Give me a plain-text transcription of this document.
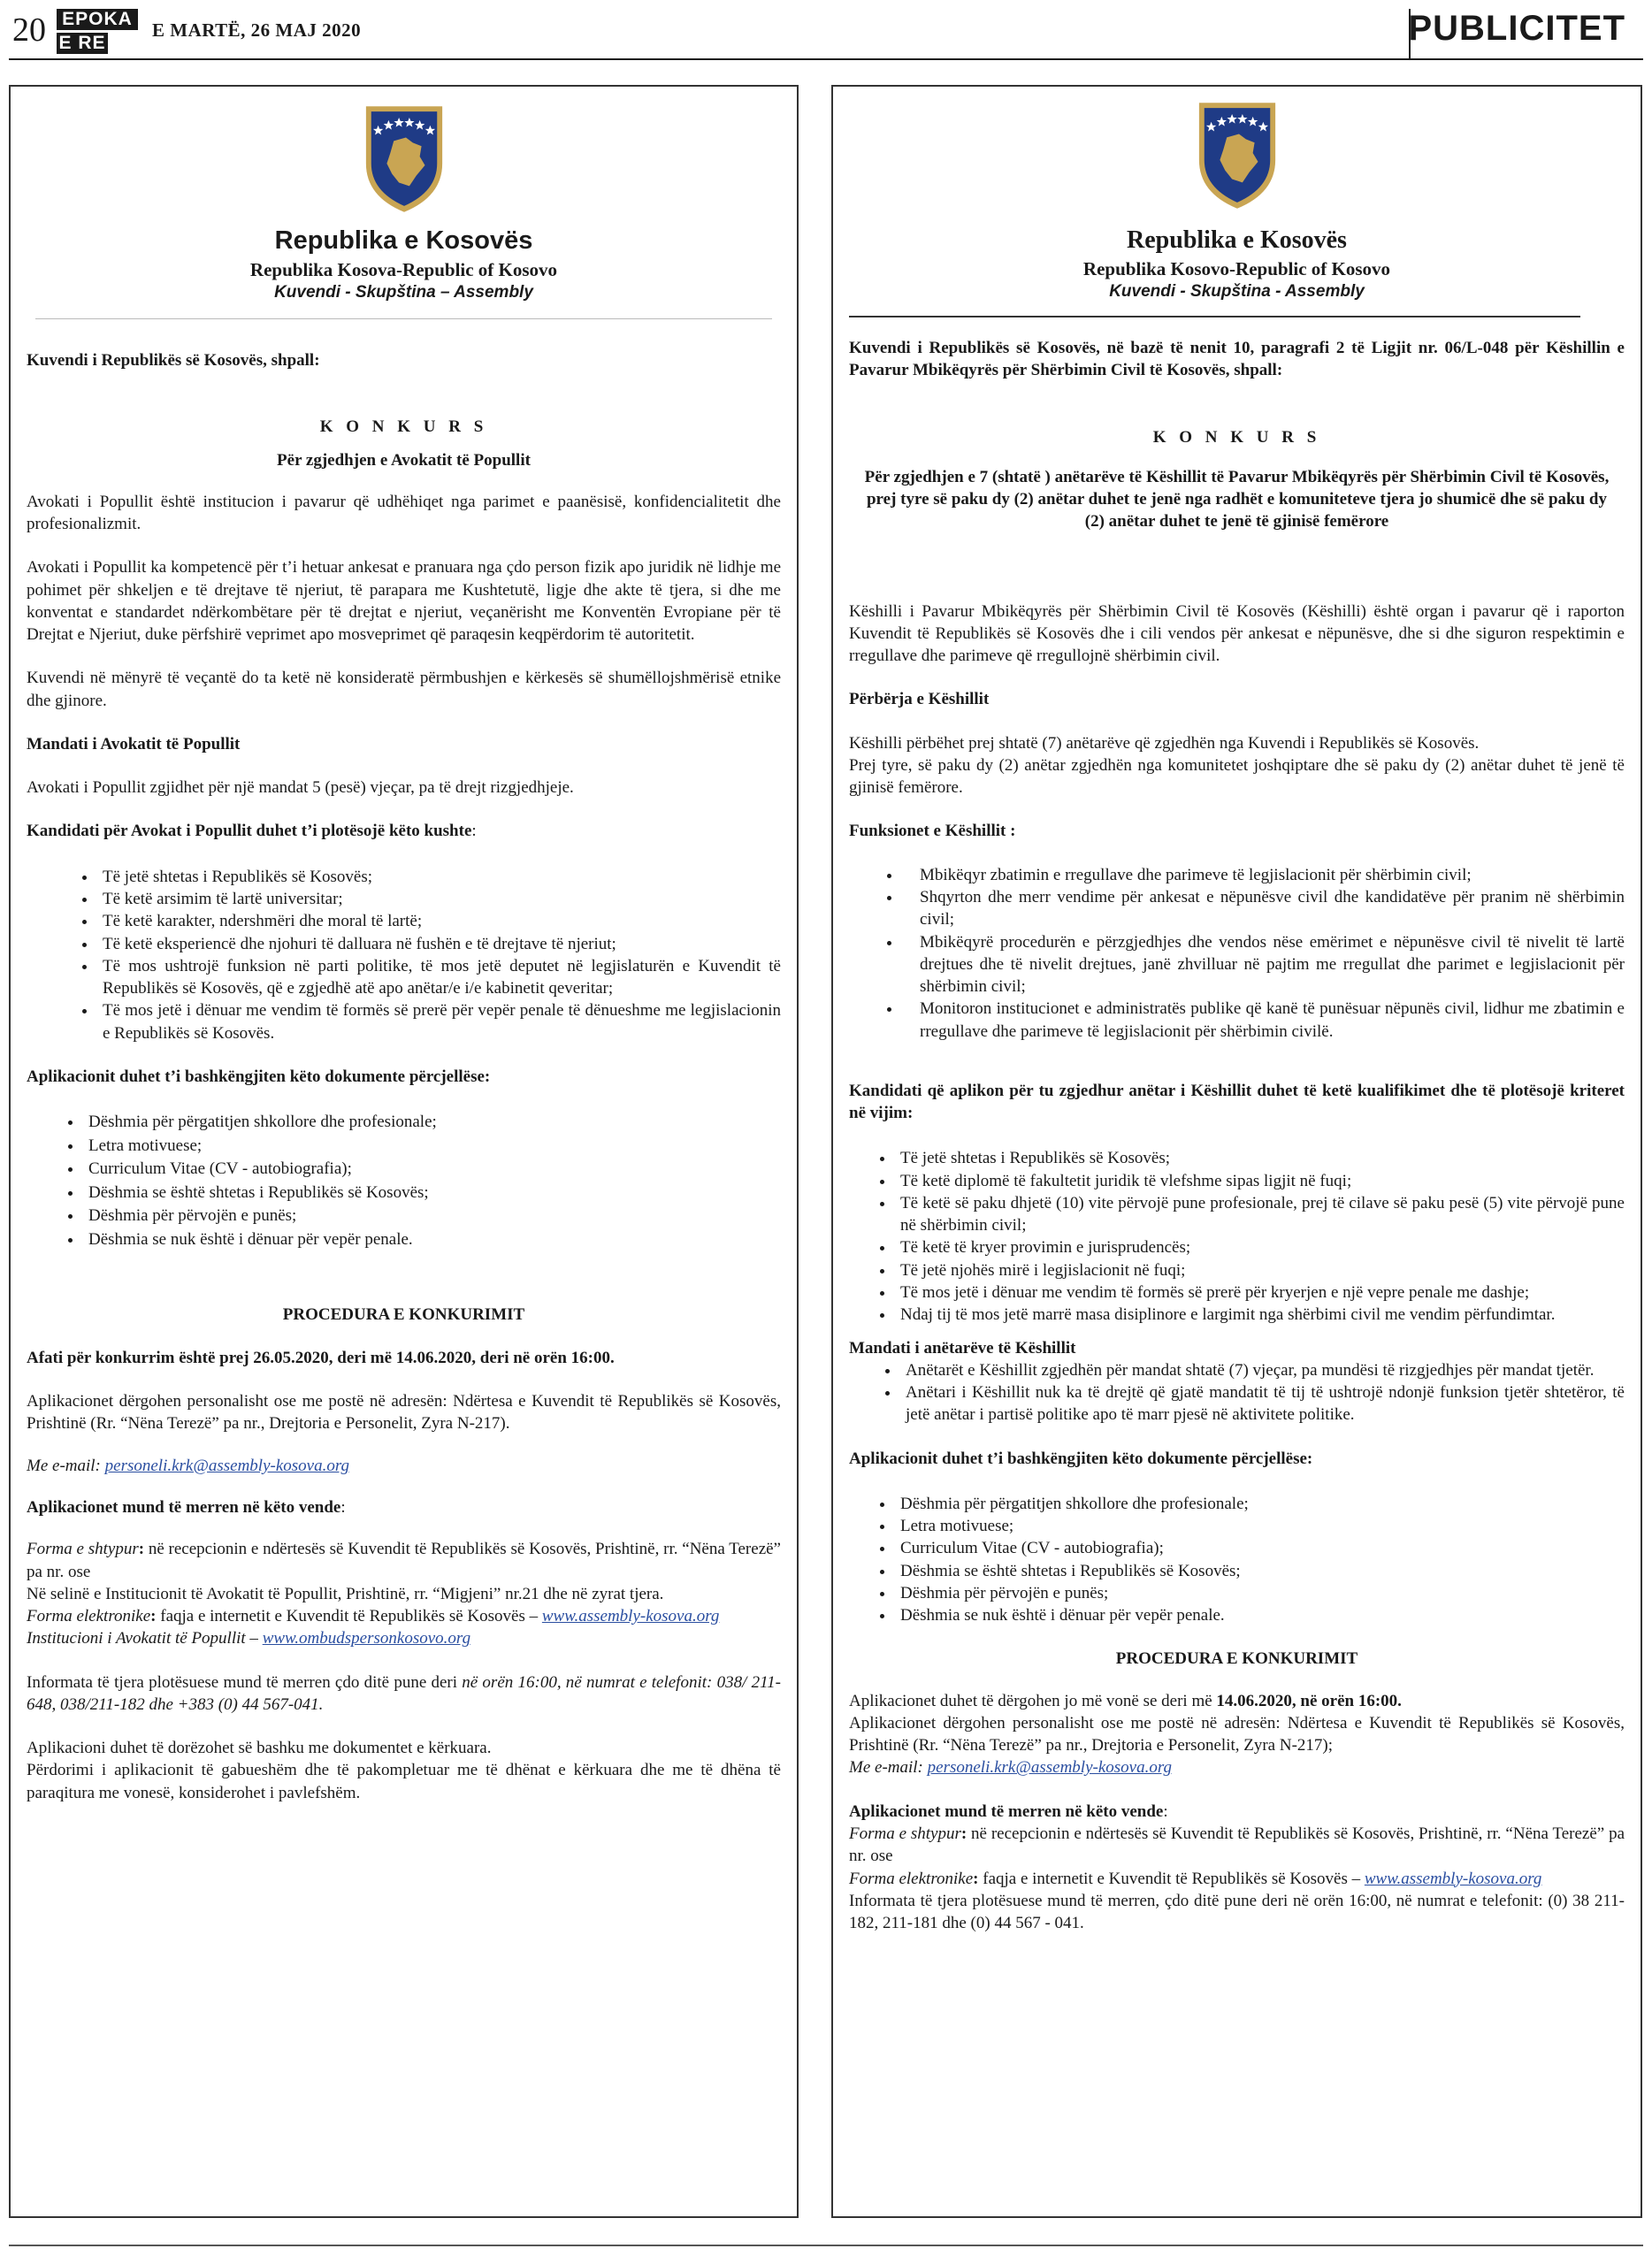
20 EPOKA
E RE
E MARTË, 26 MAJ 2020	PUBLICITET
Republika e Kosovës
Republika Kosova-Republic of Kosovo
Kuvendi - Skupština – Assembly

Kuvendi i Republikës së Kosovës, shpall:

K O N K U R S

Për zgjedhjen e Avokatit të Popullit

Avokati i Popullit është institucion i pavarur që udhëhiqet nga parimet e paanësisë, konfidencialitetit dhe profesionalizmit.

Avokati i Popullit ka kompetencë për t’i hetuar ankesat e pranuara nga çdo person fizik apo juridik në lidhje me pohimet për shkeljen e të drejtave të njeriut, të parapara me Kushtetutë, ligje dhe akte të tjera, si dhe me konventat e standardet ndërkombëtare për të drejtat e njeriut, veçanërisht me Konventën Evropiane për të Drejtat e Njeriut, duke përfshirë veprimet apo mosveprimet që paraqesin keqpërdorim të autoritetit.

Kuvendi në mënyrë të veçantë do ta ketë në konsideratë përmbushjen e kërkesës së shumëllojshmërisë etnike dhe gjinore.

Mandati i Avokatit të Popullit

Avokati i Popullit zgjidhet për një mandat 5 (pesë) vjeçar, pa të drejt rizgjedhjeje.

Kandidati për Avokat i Popullit duhet t’i plotësojë këto kushte:

• Të jetë shtetas i Republikës së Kosovës;
• Të ketë arsimim të lartë universitar;
• Të ketë karakter, ndershmëri dhe moral të lartë;
• Të ketë eksperiencë dhe njohuri të dalluara në fushën e të drejtave të njeriut;
• Të mos ushtrojë funksion në parti politike, të mos jetë deputet në legjislaturën e Kuvendit të Republikës së Kosovës, që e zgjedhë atë apo anëtar/e i/e kabinetit qeveritar;
• Të mos jetë i dënuar me vendim të formës së prerë për vepër penale të dënueshme me legjislacionin e Republikës së Kosovës.

Aplikacionit duhet t’i bashkëngjiten këto dokumente përcjellëse:

• Dëshmia për përgatitjen shkollore dhe profesionale;
• Letra motivuese;
• Curriculum Vitae (CV - autobiografia);
• Dëshmia se është shtetas i Republikës së Kosovës;
• Dëshmia për përvojën e punës;
• Dëshmia se nuk është i dënuar për vepër penale.

PROCEDURA E KONKURIMIT

Afati për konkurrim është prej 26.05.2020, deri më 14.06.2020, deri në orën 16:00.

Aplikacionet dërgohen personalisht ose me postë në adresën: Ndërtesa e Kuvendit të Republikës së Kosovës, Prishtinë (Rr. “Nëna Terezë” pa nr., Drejtoria e Personelit, Zyra N-217).

Me e-mail: personeli.krk@assembly-kosova.org

Aplikacionet mund të merren në këto vende:

Forma e shtypur: në recepcionin e ndërtesës së Kuvendit të Republikës së Kosovës, Prishtinë, rr. “Nëna Terezë” pa nr. ose

Në selinë e Institucionit të Avokatit të Popullit, Prishtinë, rr. “Migjeni” nr.21 dhe në zyrat tjera.

Forma elektronike: faqja e internetit e Kuvendit të Republikës së Kosovës – www.assembly-kosova.org

Institucioni i Avokatit të Popullit – www.ombudspersonkosovo.org

Informata të tjera plotësuese mund të merren çdo ditë pune deri në orën 16:00, në numrat e telefonit: 038/ 211-648, 038/211-182 dhe +383 (0) 44 567-041.

Aplikacioni duhet të dorëzohet së bashku me dokumentet e kërkuara.

Përdorimi i aplikacionit të gabueshëm dhe të pakompletuar me të dhënat e kërkuara dhe me të dhëna të paraqitura me vonesë, konsiderohet i pavlefshëm.

Republika e Kosovës
Republika Kosovo-Republic of Kosovo
Kuvendi - Skupština - Assembly

Kuvendi i Republikës së Kosovës, në bazë të nenit 10, paragrafi 2 të Ligjit nr. 06/L-048 për Këshillin e Pavarur Mbikëqyrës për Shërbimin Civil të Kosovës, shpall:

K O N K U R S

Për zgjedhjen e 7 (shtatë ) anëtarëve të Këshillit të Pavarur Mbikëqyrës për Shërbimin Civil të Kosovës, prej tyre së paku dy (2) anëtar duhet te jenë nga radhët e komuniteteve tjera jo shumicë dhe së paku dy (2) anëtar duhet te jenë të gjinisë femërore

Këshilli i Pavarur Mbikëqyrës për Shërbimin Civil të Kosovës (Këshilli) është organ i pavarur që i raporton Kuvendit të Republikës së Kosovës dhe i cili vendos për ankesat e nëpunësve, dhe si dhe siguron respektimin e rregullave dhe parimeve që rregullojnë shërbimin civil.

Përbërja e Këshillit

Këshilli përbëhet prej shtatë (7) anëtarëve që zgjedhën nga Kuvendi i Republikës së Kosovës.

Prej tyre, së paku dy (2) anëtar zgjedhën nga komunitetet joshqiptare dhe së paku dy (2) anëtar duhet të jenë të gjinisë femërore.

Funksionet e Këshillit :

• Mbikëqyr zbatimin e rregullave dhe parimeve të legjislacionit për shërbimin civil;
• Shqyrton dhe merr vendime për ankesat e nëpunësve civil dhe kandidatëve për pranim në shërbimin civil;
• Mbikëqyrë procedurën e përzgjedhjes dhe vendos nëse emërimet e nëpunësve civil të nivelit të lartë drejtues dhe të nivelit drejtues, janë zhvilluar në pajtim me rregullat dhe parimet e legjislacionit për shërbimin civil;
• Monitoron institucionet e administratës publike që kanë të punësuar nëpunës civil, lidhur me zbatimin e rregullave dhe parimeve të legjislacionit për shërbimin civilë.

Kandidati që aplikon për tu zgjedhur anëtar i Këshillit duhet të ketë kualifikimet dhe të plotësojë kriteret në vijim:

• Të jetë shtetas i Republikës së Kosovës;
• Të ketë diplomë të fakultetit juridik të vlefshme sipas ligjit në fuqi;
• Të ketë së paku dhjetë (10) vite përvojë pune profesionale, prej të cilave së paku pesë (5) vite përvojë pune në shërbimin civil;
• Të ketë të kryer provimin e jurisprudencës;
• Të jetë njohës mirë i legjislacionit në fuqi;
• Të mos jetë i dënuar me vendim të formës së prerë për kryerjen e një vepre penale me dashje;
• Ndaj tij të mos jetë marrë masa disiplinore e largimit nga shërbimi civil me vendim përfundimtar.

Mandati i anëtarëve të Këshillit

• Anëtarët e Këshillit zgjedhën për mandat shtatë (7) vjeçar, pa mundësi të rizgjedhjes për mandat tjetër.
• Anëtari i Këshillit nuk ka të drejtë që gjatë mandatit të tij të ushtrojë ndonjë funksion tjetër shtetëror, të jetë anëtar i partisë politike apo të marr pjesë në aktivitete politike.

Aplikacionit duhet t’i bashkëngjiten këto dokumente përcjellëse:

• Dëshmia për përgatitjen shkollore dhe profesionale;
• Letra motivuese;
• Curriculum Vitae (CV - autobiografia);
• Dëshmia se është shtetas i Republikës së Kosovës;
• Dëshmia për përvojën e punës;
• Dëshmia se nuk është i dënuar për vepër penale.

PROCEDURA E KONKURIMIT

Aplikacionet duhet të dërgohen jo më vonë se deri më 14.06.2020, në orën 16:00.

Aplikacionet dërgohen personalisht ose me postë në adresën: Ndërtesa e Kuvendit të Republikës së Kosovës, Prishtinë (Rr. “Nëna Terezë” pa nr., Drejtoria e Personelit, Zyra N-217);

Me e-mail: personeli.krk@assembly-kosova.org

Aplikacionet mund të merren në këto vende:

Forma e shtypur: në recepcionin e ndërtesës së Kuvendit të Republikës së Kosovës, Prishtinë, rr. “Nëna Terezë” pa nr. ose

Forma elektronike: faqja e internetit e Kuvendit të Republikës së Kosovës – www.assembly-kosova.org

Informata të tjera plotësuese mund të merren, çdo ditë pune deri në orën 16:00, në numrat e telefonit: (0) 38 211-182, 211-181 dhe (0) 44 567 - 041.
